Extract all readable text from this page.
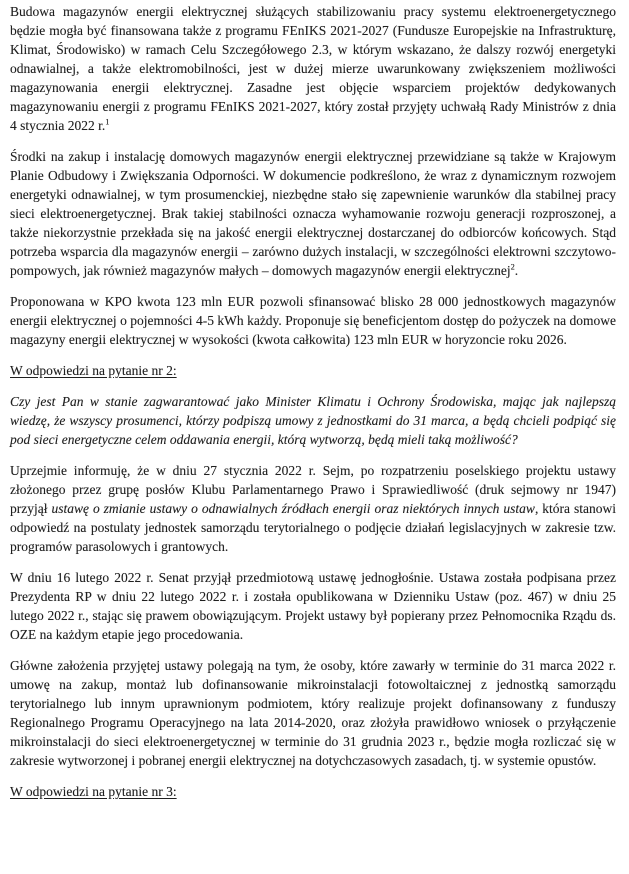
Budowa magazynów energii elektrycznej służących stabilizowaniu pracy systemu elektroenergetycznego będzie mogła być finansowana także z programu FEnIKS 2021-2027 (Fundusze Europejskie na Infrastrukturę, Klimat, Środowisko) w ramach Celu Szczegółowego 2.3, w którym wskazano, że dalszy rozwój energetyki odnawialnej, a także elektromobilności, jest w dużej mierze uwarunkowany zwiększeniem możliwości magazynowania energii elektrycznej. Zasadne jest objęcie wsparciem projektów dedykowanych magazynowaniu energii z programu FEnIKS 2021-2027, który został przyjęty uchwałą Rady Ministrów z dnia 4 stycznia 2022 r.$^1$

Środki na zakup i instalację domowych magazynów energii elektrycznej przewidziane są także w Krajowym Planie Odbudowy i Zwiększania Odporności. W dokumencie podkreślono, że wraz z dynamicznym rozwojem energetyki odnawialnej, w tym prosumenckiej, niezbędne stało się zapewnienie warunków dla stabilnej pracy sieci elektroenergetycznej. Brak takiej stabilności oznacza wyhamowanie rozwoju generacji rozproszonej, a także niekorzystnie przekłada się na jakość energii elektrycznej dostarczanej do odbiorców końcowych. Stąd potrzeba wsparcia dla magazynów energii – zarówno dużych instalacji, w szczególności elektrowni szczytowo-pompowych, jak również magazynów małych – domowych magazynów energii elektrycznej$^2$.

Proponowana w KPO kwota 123 mln EUR pozwoli sfinansować blisko 28 000 jednostkowych magazynów energii elektrycznej o pojemności 4-5 kWh każdy. Proponuje się beneficjentom dostęp do pożyczek na domowe magazyny energii elektrycznej w wysokości (kwota całkowita) 123 mln EUR w horyzoncie roku 2026.

W odpowiedzi na pytanie nr 2:

Czy jest Pan w stanie zagwarantować jako Minister Klimatu i Ochrony Środowiska, mając jak najlepszą wiedzę, że wszyscy prosumenci, którzy podpiszą umowy z jednostkami do 31 marca, a będą chcieli podpiąć się pod sieci energetyczne celem oddawania energii, którą wytworzą, będą mieli taką możliwość?

Uprzejmie informuję, że w dniu 27 stycznia 2022 r. Sejm, po rozpatrzeniu poselskiego projektu ustawy złożonego przez grupę posłów Klubu Parlamentarnego Prawo i Sprawiedliwość (druk sejmowy nr 1947) przyjął ustawę o zmianie ustawy o odnawialnych źródłach energii oraz niektórych innych ustaw, która stanowi odpowiedź na postulaty jednostek samorządu terytorialnego o podjęcie działań legislacyjnych w zakresie tzw. programów parasolowych i grantowych.

W dniu 16 lutego 2022 r. Senat przyjął przedmiotową ustawę jednogłośnie. Ustawa została podpisana przez Prezydenta RP w dniu 22 lutego 2022 r. i została opublikowana w Dzienniku Ustaw (poz. 467) w dniu 25 lutego 2022 r., stając się prawem obowiązującym. Projekt ustawy był popierany przez Pełnomocnika Rządu ds. OZE na każdym etapie jego procedowania.

Główne założenia przyjętej ustawy polegają na tym, że osoby, które zawarły w terminie do 31 marca 2022 r. umowę na zakup, montaż lub dofinansowanie mikroinstalacji fotowoltaicznej z jednostką samorządu terytorialnego lub innym uprawnionym podmiotem, który realizuje projekt dofinansowany z funduszy Regionalnego Programu Operacyjnego na lata 2014-2020, oraz złożyła prawidłowo wniosek o przyłączenie mikroinstalacji do sieci elektroenergetycznej w terminie do 31 grudnia 2023 r., będzie mogła rozliczać się w zakresie wytworzonej i pobranej energii elektrycznej na dotychczasowych zasadach, tj. w systemie opustów.

W odpowiedzi na pytanie nr 3:
